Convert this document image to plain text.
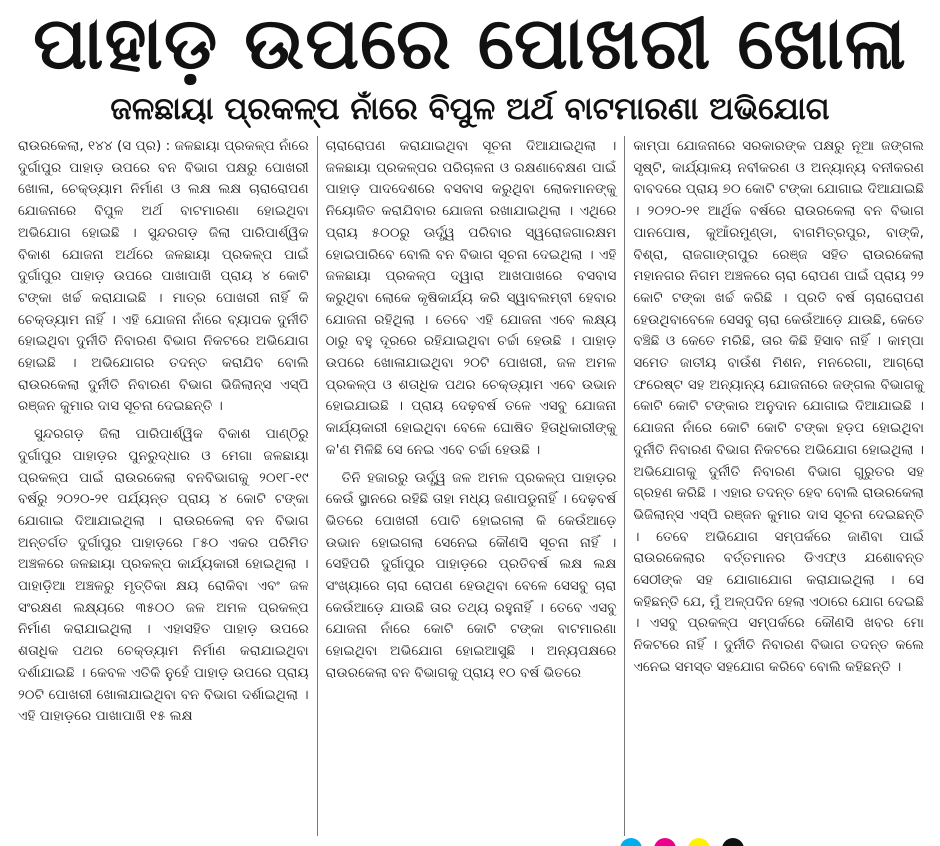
ପାହାଡ଼ ଉପରେ ପୋଖରୀ ଖୋଳା
ଜଳଛାୟା ପ୍ରକଳ୍ପ ନାଁରେ ବିପୁଳ ଅର୍ଥ ବାଟମାରଣା ଅଭିଯୋଗ

ରାଉରକେଲା, ୧୪୪ (ସ ପ୍ର) : ଜଳଛାୟା ପ୍ରକଳ୍ପ ନାଁରେ ଦୁର୍ଗାପୁର ପାହାଡ଼ ଉପରେ ବନ ବିଭାଗ ପକ୍ଷରୁ ପୋଖରୀ ଖୋଳା, ଚେକ୍‌ଡ୍ୟାମ ନିର୍ମାଣ ଓ ଲକ୍ଷ ଲକ୍ଷ ଚାରାରୋପଣ ଯୋଜନାରେ ବିପୁଳ ଅର୍ଥ ବାଟମାରଣା ହୋଇଥିବା ଅଭିଯୋଗ ହୋଇଛି । ସୁନ୍ଦରଗଡ଼ ଜିଲା ପାରିପାର୍ଶ୍ୱିକ ବିକାଶ ଯୋଜନା ଅର୍ଥରେ ଜଳଛାୟା ପ୍ରକଳ୍ପ ପାଇଁ ଦୁର୍ଗାପୁର ପାହାଡ଼ ଉପରେ ପାଖାପାଖି ପ୍ରାୟ ୪ କୋଟି ଟଙ୍କା ଖର୍ଚ୍ଚ କରାଯାଇଛି । ମାତ୍ର ପୋଖରୀ ନାହିଁ କି ଚେକ୍‌ଡ୍ୟାମ ନାହିଁ । ଏହି ଯୋଜନା ନାଁରେ ବ୍ୟାପକ ଦୁର୍ନୀତି ହୋଇଥିବା ଦୁର୍ନୀତି ନିବାରଣ ବିଭାଗ ନିକଟରେ ଅଭିଯୋଗ ହୋଇଛି । ଅଭିଯୋଗର ତଦନ୍ତ କରାଯିବ ବୋଲି ରାଉରକେଲା ଦୁର୍ନୀତି ନିବାରଣ ବିଭାଗ ଭିଜିଲାନ୍ସ ଏସ୍‌ପି ରଞ୍ଜନ କୁମାର ଦାସ ସୂଚନା ଦେଇଛନ୍ତି ।

ସୁନ୍ଦରଗଡ଼ ଜିଲା ପାରିପାର୍ଶ୍ୱିକ ବିକାଶ ପାଣ୍ଠିରୁ ଦୁର୍ଗାପୁର ପାହାଡ଼ର ପୁନରୁଦ୍ଧାର ଓ ମେଗା ଜଳଛାୟା ପ୍ରକଳ୍ପ ପାଇଁ ରାଉରକେଲା ବନବିଭାଗକୁ ୨୦୧୮-୧୯ ବର୍ଷରୁ ୨୦୨୦-୨୧ ପର୍ଯ୍ୟନ୍ତ ପ୍ରାୟ ୪ କୋଟି ଟଙ୍କା ଯୋଗାଇ ଦିଆଯାଇଥିଲା । ରାଉରକେଲା ବନ ବିଭାଗ ଅନ୍ତର୍ଗତ ଦୁର୍ଗାପୁର ପାହାଡ଼ରେ ୮୫୦ ଏକର ପରିମିତ ଅଞ୍ଚଳରେ ଜଳଛାୟା ପ୍ରକଳ୍ପ କାର୍ଯ୍ୟକାରୀ ହୋଇଥିଲା । ପାହାଡ଼ିଆ ଅଞ୍ଚଳରୁ ମୃତ୍ତିକା କ୍ଷୟ ରୋକିବା ଏବଂ ଜଳ ସଂରକ୍ଷଣ ଲକ୍ଷ୍ୟରେ ୩୫୦୦ ଜଳ ଅମଳ ପ୍ରକଳ୍ପ ନିର୍ମାଣ କରାଯାଇଥିଲା । ଏହାସହିତ ପାହାଡ଼ ଉପରେ ଶତାଧିକ ପଥର ଚେକ୍‌ଡ୍ୟାମ ନିର୍ମାଣ କରାଯାଇଥିବା ଦର୍ଶାଯାଇଛି । କେବଳ ଏତିକି ନୁହେଁ ପାହାଡ଼ ଉପରେ ପ୍ରାୟ ୨୦ଟି ପୋଖରୀ ଖୋଳାଯାଇଥିବା ବନ ବିଭାଗ ଦର୍ଶାଇଥିଲା । ଏହି ପାହାଡ଼ରେ ପାଖାପାଖି ୧୫ ଲକ୍ଷ

ଚାରାରୋପଣ କରାଯାଇଥିବା ସୂଚନା ଦିଆଯାଇଥିଲା । ଜଳଛାୟା ପ୍ରକଳ୍ପର ପରିଚାଳନା ଓ ରକ୍ଷଣାବେକ୍ଷଣ ପାଇଁ ପାହାଡ଼ ପାଦଦେଶରେ ବସବାସ କରୁଥିବା ଲୋକମାନଙ୍କୁ ନିୟୋଜିତ କରାଯିବାର ଯୋଜନା ରଖାଯାଇଥିଲା । ଏଥିରେ ପ୍ରାୟ ୫୦୦ରୁ ଊର୍ଦ୍ଧ୍ୱ ପରିବାର ସ୍ୱରୋଜଗାରକ୍ଷମ ହୋଇପାରିବେ ବୋଲି ବନ ବିଭାଗ ସୂଚନା ଦେଇଥିଲା । ଏହି ଜଳଛାୟା ପ୍ରକଳ୍ପ ଦ୍ୱାରା ଆଖପାଖରେ ବସବାସ କରୁଥିବା ଲୋକେ କୃଷିକାର୍ଯ୍ୟ କରି ସ୍ୱାବଲମ୍ବୀ ହେବାର ଯୋଜନା ରହିଥିଲା । ତେବେ ଏହି ଯୋଜନା ଏବେ ଲକ୍ଷ୍ୟ ଠାରୁ ବହୁ ଦୂରରେ ରହିଯାଇଥିବା ଚର୍ଚ୍ଚା ହେଉଛି । ପାହାଡ଼ ଉପରେ ଖୋଳାଯାଇଥିବା ୨୦ଟି ପୋଖରୀ, ଜଳ ଅମଳ ପ୍ରକଳ୍ପ ଓ ଶତାଧିକ ପଥର ଚେକ୍‌ଡ୍ୟାମ ଏବେ ଉଭାନ ହୋଇଯାଇଛି । ପ୍ରାୟ ଦେଢ଼ବର୍ଷ ତଳେ ଏସବୁ ଯୋଜନା କାର୍ଯ୍ୟକାରୀ ହୋଇଥିବା ବେଳେ ଘୋଷିତ ହିତାଧିକାରୀଙ୍କୁ କ'ଣ ମିଳିଛି ସେ ନେଇ ଏବେ ଚର୍ଚ୍ଚା ହେଉଛି ।

ତିନି ହଜାରରୁ ଊର୍ଦ୍ଧ୍ୱ ଜଳ ଅମଳ ପ୍ରକଳ୍ପ ପାହାଡ଼ର କେଉଁ ସ୍ଥାନରେ ରହିଛି ତାହା ମଧ୍ୟ ଜଣାପଡୁନାହିଁ । ଦେଢ଼ବର୍ଷ ଭିତରେ ପୋଖରୀ ପୋତି ହୋଇଗଲା କି କେଉଁଆଡ଼େ ଉଭାନ ହୋଇଗଲା ସେନେଇ କୌଣସି ସୂଚନା ନାହିଁ । ସେହିପରି ଦୁର୍ଗାପୁର ପାହାଡ଼ରେ ପ୍ରତିବର୍ଷ ଲକ୍ଷ ଲକ୍ଷ ସଂଖ୍ୟାରେ ଚାରା ରୋପଣ ହେଉଥିବା ବେଳେ ସେସବୁ ଚାରା କେଉଁଆଡ଼େ ଯାଉଛି ତାର ତଥ୍ୟ ରହୁନାହିଁ । ତେବେ ଏସବୁ ଯୋଜନା ନାଁରେ କୋଟି କୋଟି ଟଙ୍କା ବାଟମାରଣା ହୋଇଥିବା ଅଭିଯୋଗ ହୋଇଆସୁଛି । ଅନ୍ୟପକ୍ଷରେ ରାଉରକେଲା ବନ ବିଭାଗକୁ ପ୍ରାୟ ୧୦ ବର୍ଷ ଭିତରେ

କାମ୍ପା ଯୋଜନାରେ ସରକାରଙ୍କ ପକ୍ଷରୁ ନୂଆ ଜଙ୍ଗଲ ସୃଷ୍ଟି, କାର୍ଯ୍ୟାଳୟ ନବୀକରଣ ଓ ଅନ୍ୟାନ୍ୟ ବନୀକରଣ ବାବଦରେ ପ୍ରାୟ ୭୦ କୋଟି ଟଙ୍କା ଯୋଗାଇ ଦିଆଯାଇଛି । ୨୦୨୦-୨୧ ଆର୍ଥିକ ବର୍ଷରେ ରାଉରକେଲା ବନ ବିଭାଗ ପାନପୋଷ, କୁଆଁରମୁଣ୍ଡା, ବାଗମିତ୍ରପୁର, ବାଙ୍କି, ବିଶ୍ରା, ରାଜଗାଙ୍ଗପୁର ରେଞ୍ଜ ସହିତ ରାଉରକେଲା ମହାନଗର ନିଗମ ଅଞ୍ଚଳରେ ଚାରା ରୋପଣ ପାଇଁ ପ୍ରାୟ ୨୨ କୋଟି ଟଙ୍କା ଖର୍ଚ୍ଚ କରିଛି । ପ୍ରତି ବର୍ଷ ଚାରାରୋପଣ ହେଉଥିବାବେଳେ ସେସବୁ ଚାରା କେଉଁଆଡ଼େ ଯାଉଛି, କେତେ ବଞ୍ଚିଛି ଓ କେତେ ମରିଛି, ତାର କିଛି ହିସାବ ନାହିଁ । କାମ୍ପା ସମେତ ଜାତୀୟ ବାଉଁଶ ମିଶନ, ମନରେଗା, ଆଗ୍ରୋ ଫରେଷ୍ଟ ସହ ଅନ୍ୟାନ୍ୟ ଯୋଜନାରେ ଜଙ୍ଗଲ ବିଭାଗକୁ କୋଟି କୋଟି ଟଙ୍କାର ଅନୁଦାନ ଯୋଗାଇ ଦିଆଯାଇଛି । ଯୋଜନା ନାଁରେ କୋଟି କୋଟି ଟଙ୍କା ହଡ଼ପ ହୋଇଥିବା ଦୁର୍ନୀତି ନିବାରଣ ବିଭାଗ ନିକଟରେ ଅଭିଯୋଗ ହୋଇଥିଲା । ଅଭିଯୋଗକୁ ଦୁର୍ନୀତି ନିବାରଣ ବିଭାଗ ଗୁରୁତର ସହ ଗ୍ରହଣ କରିଛି । ଏହାର ତଦନ୍ତ ହେବ ବୋଲି ରାଉରକେଲା ଭିଜିଲାନ୍ସ ଏସ୍‌ପି ରଞ୍ଜନ କୁମାର ଦାସ ସୂଚନା ଦେଇଛନ୍ତି । ତେବେ ଅଭିଯୋଗ ସମ୍ପର୍କରେ ଜାଣିବା ପାଇଁ ରାଉରକେଲାର ବର୍ତ୍ତମାନର ଡିଏଫ୍‌ଓ ଯଶୋବନ୍ତ ସେଠୀଙ୍କ ସହ ଯୋଗାଯୋଗ କରାଯାଇଥିଲା । ସେ କହିଛନ୍ତି ଯେ, ମୁଁ ଅଳ୍ପଦିନ ହେଲା ଏଠାରେ ଯୋଗ ଦେଇଛି । ଏସବୁ ପ୍ରକଳ୍ପ ସମ୍ପର୍କରେ କୌଣସି ଖବର ମୋ ନିକଟରେ ନାହିଁ । ଦୁର୍ନୀତି ନିବାରଣ ବିଭାଗ ତଦନ୍ତ କଲେ ଏନେଇ ସମସ୍ତ ସହଯୋଗ କରିବେ ବୋଲି କହିଛନ୍ତି ।
